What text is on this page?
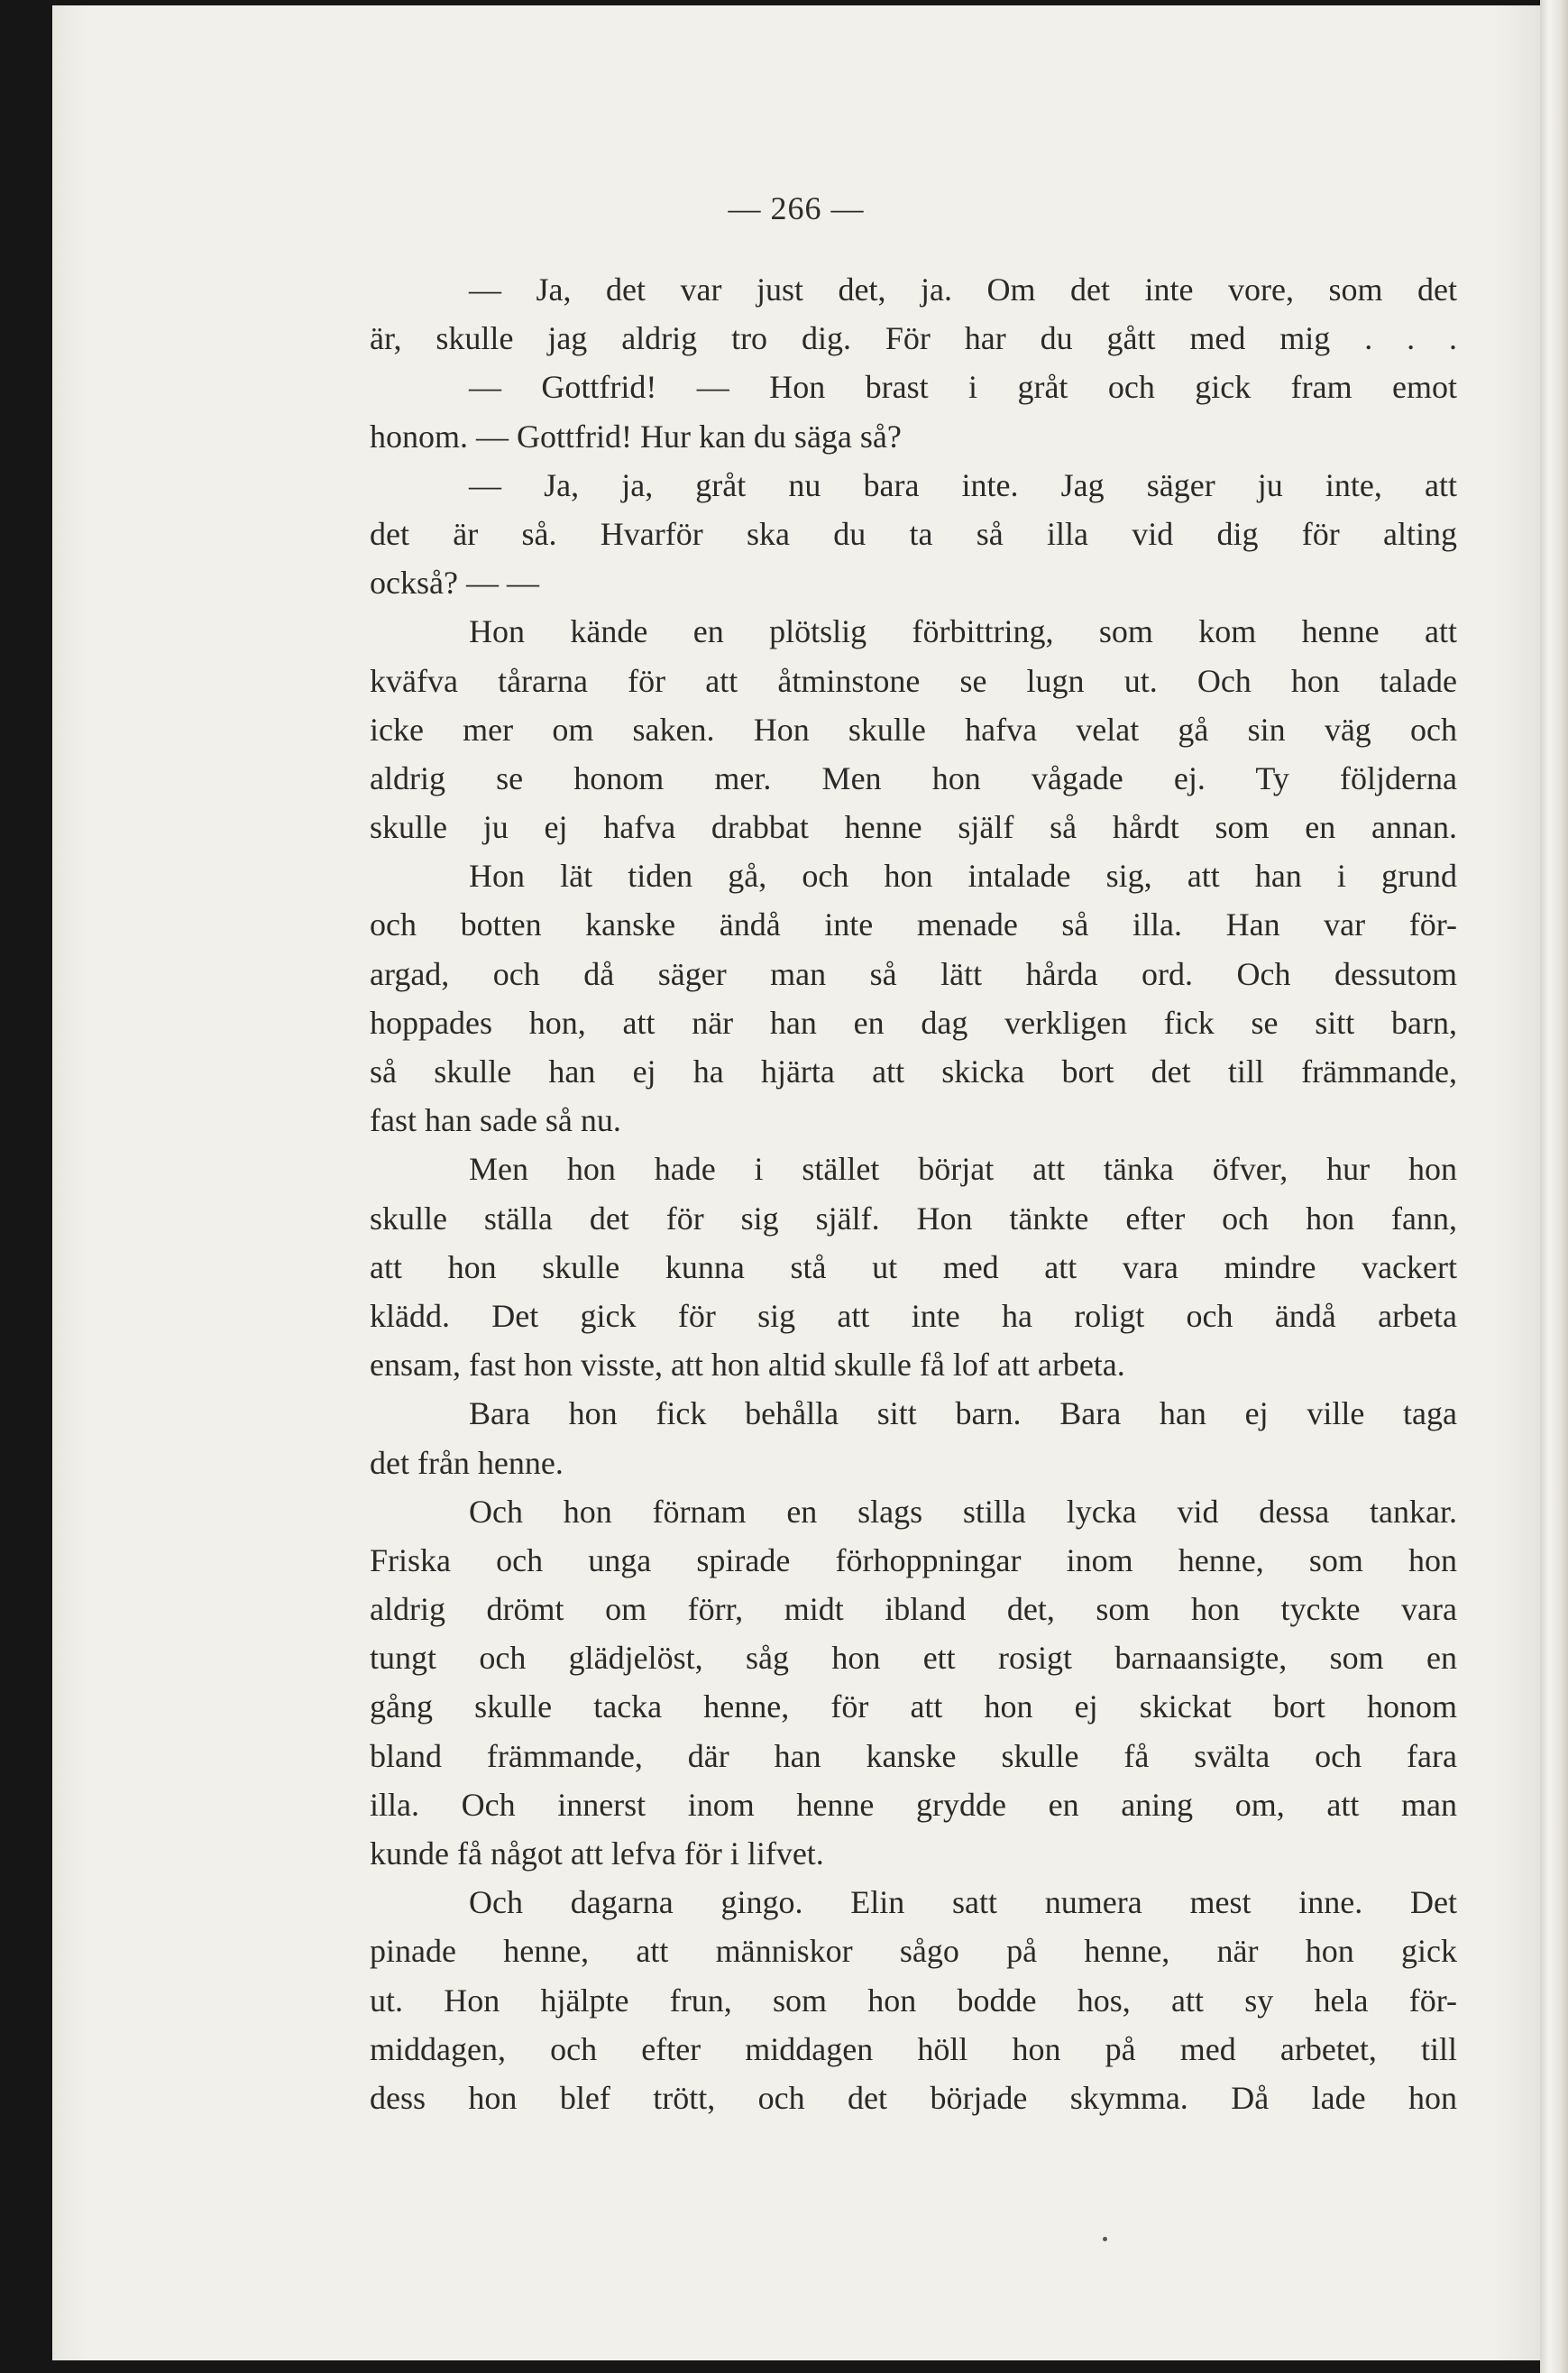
— 266 —
— Ja, det var just det, ja. Om det inte vore, som det
är, skulle jag aldrig tro dig. För har du gått med mig . . .
— Gottfrid! — Hon brast i gråt och gick fram emot
honom. — Gottfrid! Hur kan du säga så?
— Ja, ja, gråt nu bara inte. Jag säger ju inte, att
det är så. Hvarför ska du ta så illa vid dig för alting
också? — —
Hon kände en plötslig förbittring, som kom henne att
kväfva tårarna för att åtminstone se lugn ut. Och hon talade
icke mer om saken. Hon skulle hafva velat gå sin väg och
aldrig se honom mer. Men hon vågade ej. Ty följderna
skulle ju ej hafva drabbat henne själf så hårdt som en annan.
Hon lät tiden gå, och hon intalade sig, att han i grund
och botten kanske ändå inte menade så illa. Han var för-
argad, och då säger man så lätt hårda ord. Och dessutom
hoppades hon, att när han en dag verkligen fick se sitt barn,
så skulle han ej ha hjärta att skicka bort det till främmande,
fast han sade så nu.
Men hon hade i stället börjat att tänka öfver, hur hon
skulle ställa det för sig själf. Hon tänkte efter och hon fann,
att hon skulle kunna stå ut med att vara mindre vackert
klädd. Det gick för sig att inte ha roligt och ändå arbeta
ensam, fast hon visste, att hon altid skulle få lof att arbeta.
Bara hon fick behålla sitt barn. Bara han ej ville taga
det från henne.
Och hon förnam en slags stilla lycka vid dessa tankar.
Friska och unga spirade förhoppningar inom henne, som hon
aldrig drömt om förr, midt ibland det, som hon tyckte vara
tungt och glädjelöst, såg hon ett rosigt barnaansigte, som en
gång skulle tacka henne, för att hon ej skickat bort honom
bland främmande, där han kanske skulle få svälta och fara
illa. Och innerst inom henne grydde en aning om, att man
kunde få något att lefva för i lifvet.
Och dagarna gingo. Elin satt numera mest inne. Det
pinade henne, att människor sågo på henne, när hon gick
ut. Hon hjälpte frun, som hon bodde hos, att sy hela för-
middagen, och efter middagen höll hon på med arbetet, till
dess hon blef trött, och det började skymma. Då lade hon
